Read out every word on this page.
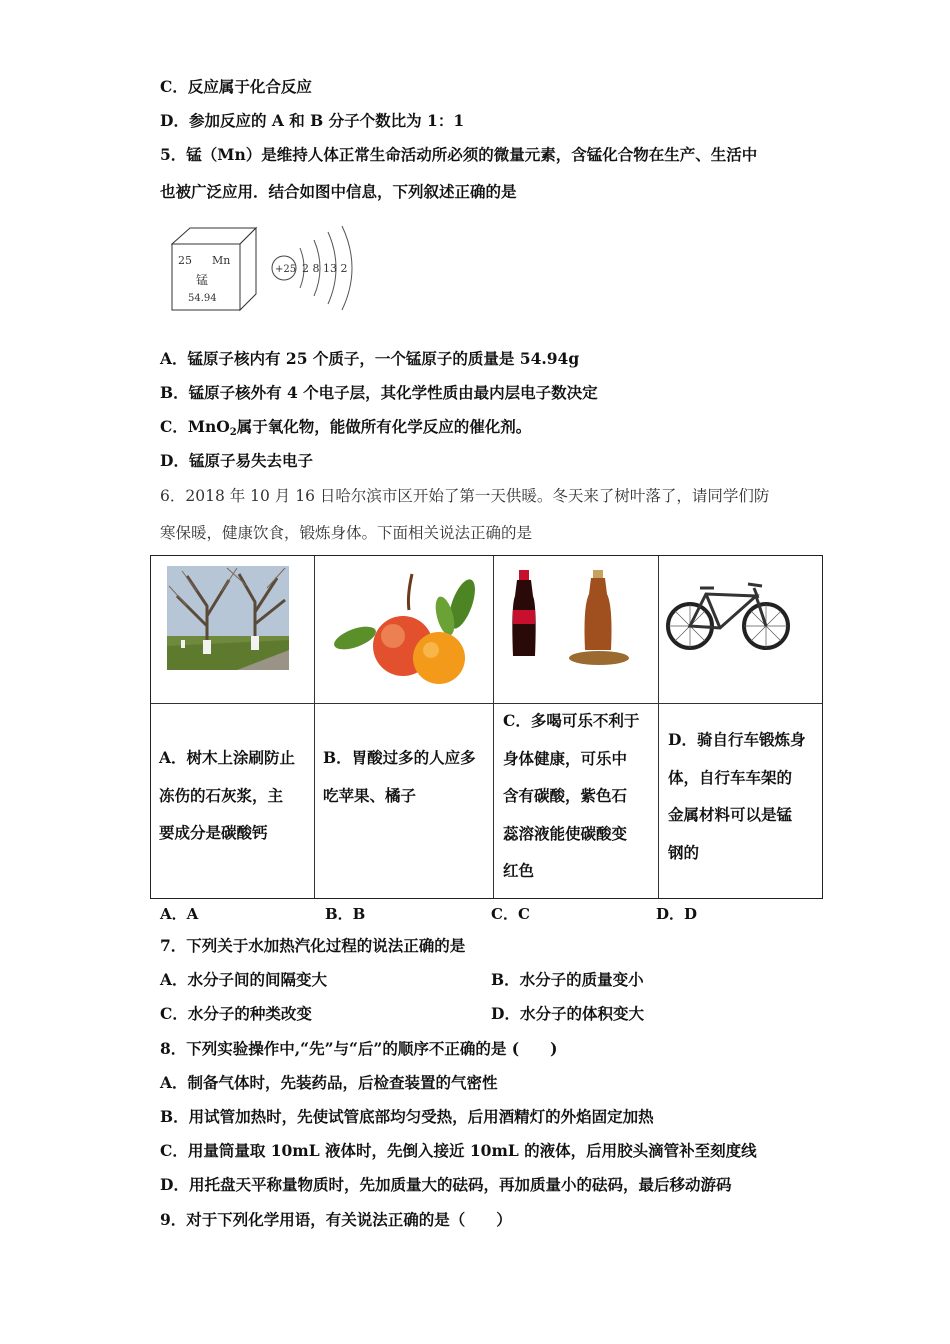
C．反应属于化合反应
D．参加反应的 A 和 B 分子个数比为 1：1
5．锰（Mn）是维持人体正常生命活动所必须的微量元素，含锰化合物在生产、生活中
也被广泛应用．结合如图中信息，下列叙述正确的是
25 Mn
锰
54.94
+25 2 8 13 2
A．锰原子核内有 25 个质子，一个锰原子的质量是 54.94g
B．锰原子核外有 4 个电子层，其化学性质由最内层电子数决定
C．MnO$_2$属于氧化物，能做所有化学反应的催化剂。
D．锰原子易失去电子
6．2018 年 10 月 16 日哈尔滨市区开始了第一天供暖。冬天来了树叶落了，请同学们防
寒保暖，健康饮食，锻炼身体。下面相关说法正确的是
A．树木上涂刷防止
冻伤的石灰浆，主
要成分是碳酸钙
B．胃酸过多的人应多
吃苹果、橘子
C．多喝可乐不利于
身体健康，可乐中
含有碳酸，紫色石
蕊溶液能使碳酸变
红色
D．骑自行车锻炼身
体，自行车车架的
金属材料可以是锰
钢的
A．A	B．B	C．C	D．D
7．下列关于水加热汽化过程的说法正确的是
A．水分子间的间隔变大	B．水分子的质量变小
C．水分子的种类改变	D．水分子的体积变大
8．下列实验操作中,“先”与“后”的顺序不正确的是 (　　)
A．制备气体时，先装药品，后检查装置的气密性
B．用试管加热时，先使试管底部均匀受热，后用酒精灯的外焰固定加热
C．用量筒量取 10mL 液体时，先倒入接近 10mL 的液体，后用胶头滴管补至刻度线
D．用托盘天平称量物质时，先加质量大的砝码，再加质量小的砝码，最后移动游码
9．对于下列化学用语，有关说法正确的是（　　）
